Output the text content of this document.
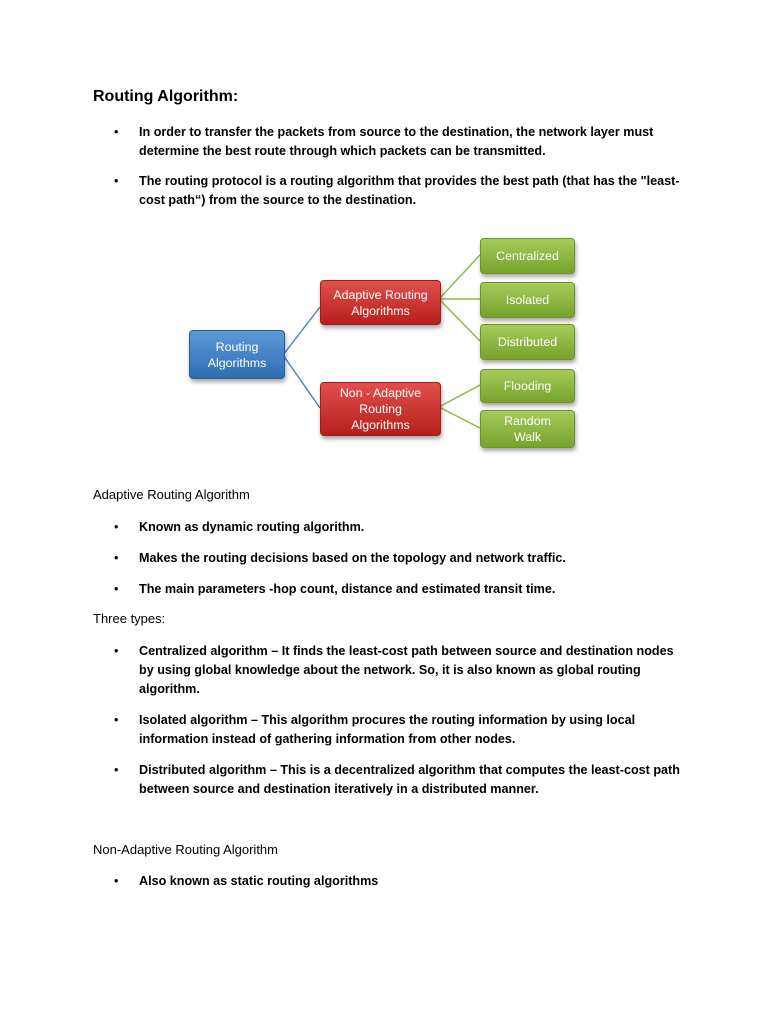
Routing Algorithm:
• In order to transfer the packets from source to the destination, the network layer must determine the best route through which packets can be transmitted.
• The routing protocol is a routing algorithm that provides the best path (that has the "least-cost path“) from the source to the destination.
Routing
Algorithms
Adaptive Routing
Algorithms
Non - Adaptive
Routing
Algorithms
Centralized
Isolated
Distributed
Flooding
Random
Walk
Adaptive Routing Algorithm
• Known as dynamic routing algorithm.
• Makes the routing decisions based on the topology and network traffic.
• The main parameters -hop count, distance and estimated transit time.
Three types:
• Centralized algorithm – It finds the least-cost path between source and destination nodes by using global knowledge about the network. So, it is also known as global routing algorithm.
• Isolated algorithm – This algorithm procures the routing information by using local information instead of gathering information from other nodes.
• Distributed algorithm – This is a decentralized algorithm that computes the least-cost path between source and destination iteratively in a distributed manner.
Non-Adaptive Routing Algorithm
• Also known as static routing algorithms
